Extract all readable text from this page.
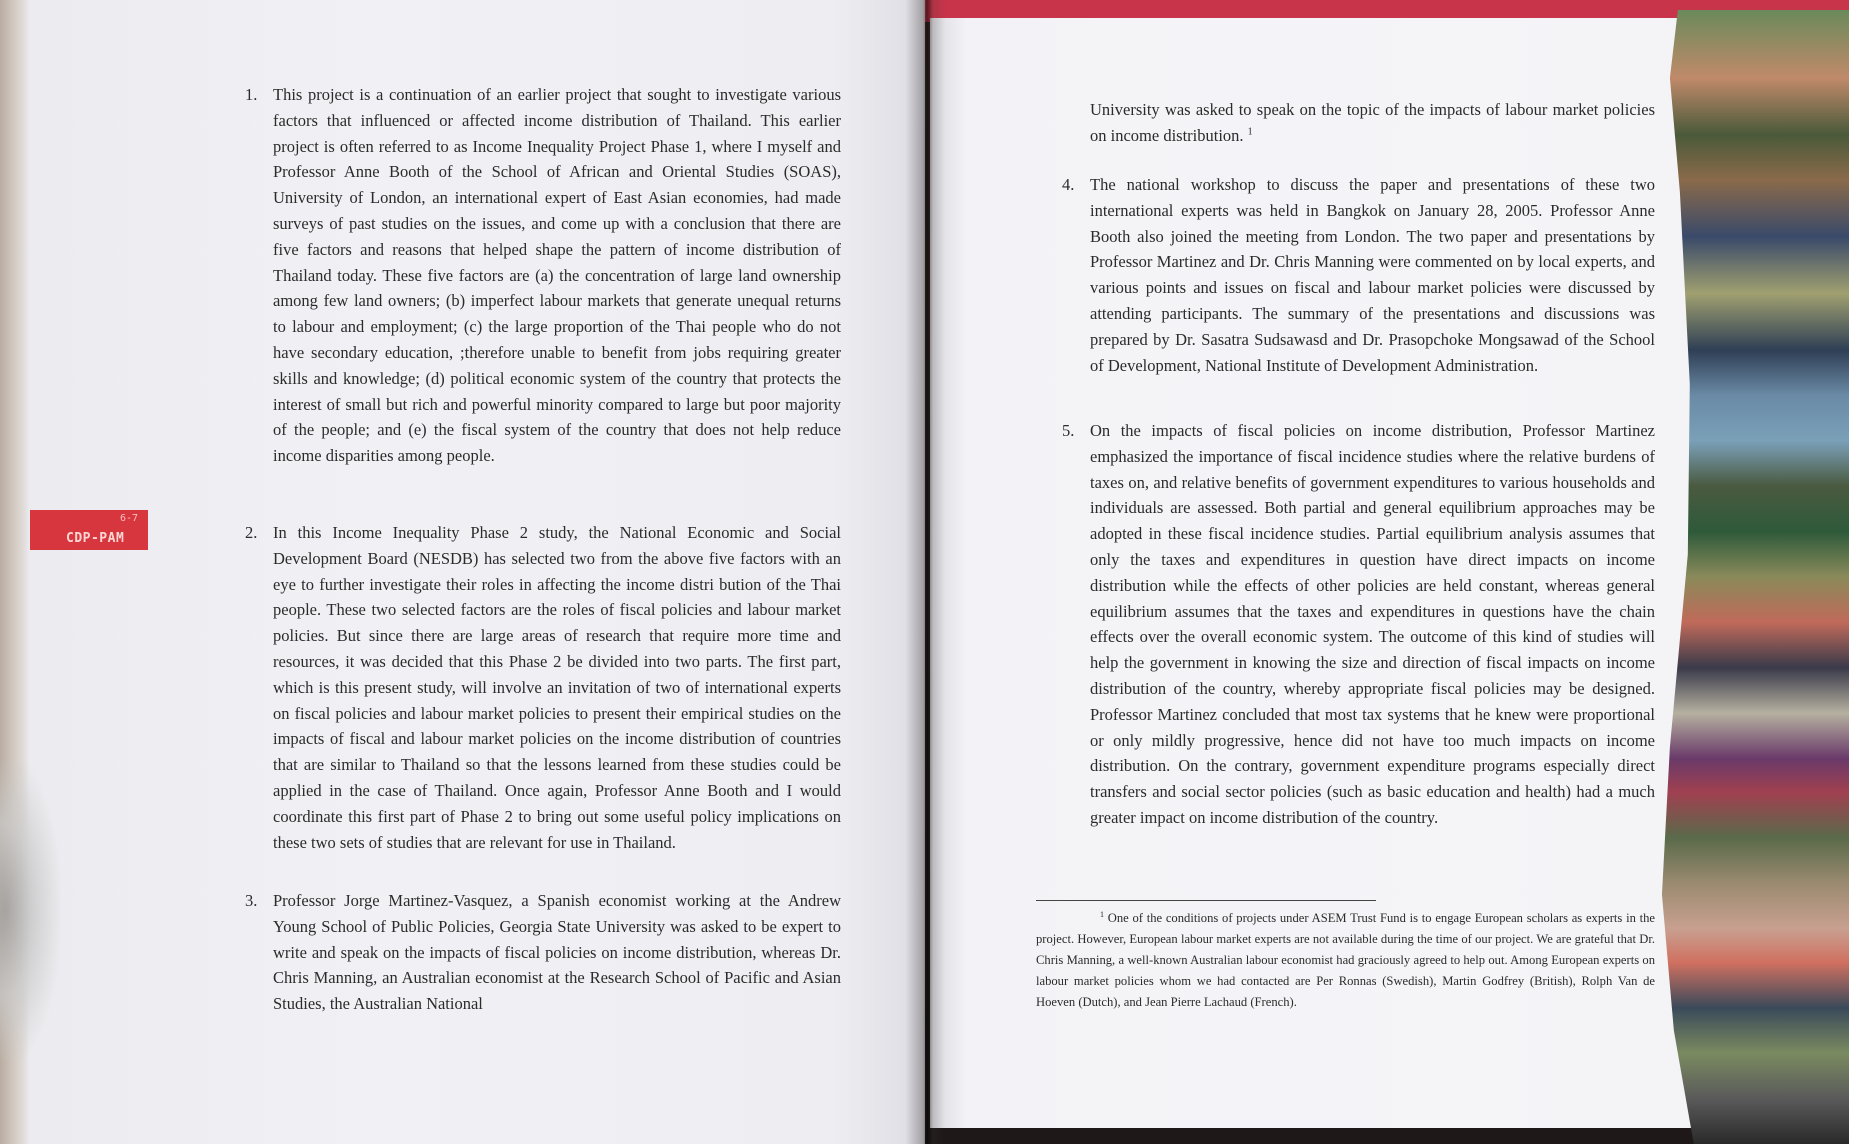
6-7
CDP-PAM

1. This project is a continuation of an earlier project that sought to investigate various factors that influenced or affected income distribution of Thailand. This earlier project is often referred to as Income Inequality Project Phase 1, where I myself and Professor Anne Booth of the School of African and Oriental Studies (SOAS), University of London, an international expert of East Asian economies, had made surveys of past studies on the issues, and come up with a conclusion that there are five factors and reasons that helped shape the pattern of income distribution of Thailand today. These five factors are (a) the concentration of large land ownership among few land owners; (b) imperfect labour markets that generate unequal returns to labour and employment; (c) the large proportion of the Thai people who do not have secondary education, ;therefore unable to benefit from jobs requiring greater skills and knowledge; (d) political economic system of the country that protects the interest of small but rich and powerful minority compared to large but poor majority of the people; and (e) the fiscal system of the country that does not help reduce income disparities among people.

2. In this Income Inequality Phase 2 study, the National Economic and Social Development Board (NESDB) has selected two from the above five factors with an eye to further investigate their roles in affecting the income distri bution of the Thai people. These two selected factors are the roles of fiscal policies and labour market policies. But since there are large areas of research that require more time and resources, it was decided that this Phase 2 be divided into two parts. The first part, which is this present study, will involve an invitation of two of international experts on fiscal policies and labour market policies to present their empirical studies on the impacts of fiscal and labour market policies on the income distribution of countries that are similar to Thailand so that the lessons learned from these studies could be applied in the case of Thailand. Once again, Professor Anne Booth and I would coordinate this first part of Phase 2 to bring out some useful policy implications on these two sets of studies that are relevant for use in Thailand.

3. Professor Jorge Martinez-Vasquez, a Spanish economist working at the Andrew Young School of Public Policies, Georgia State University was asked to be expert to write and speak on the impacts of fiscal policies on income distribution, whereas Dr. Chris Manning, an Australian economist at the Research School of Pacific and Asian Studies, the Australian National

University was asked to speak on the topic of the impacts of labour market policies on income distribution. $^1$

4. The national workshop to discuss the paper and presentations of these two international experts was held in Bangkok on January 28, 2005. Professor Anne Booth also joined the meeting from London. The two paper and presentations by Professor Martinez and Dr. Chris Manning were commented on by local experts, and various points and issues on fiscal and labour market policies were discussed by attending participants. The summary of the presentations and discussions was prepared by Dr. Sasatra Sudsawasd and Dr. Prasopchoke Mongsawad of the School of Development, National Institute of Development Administration.

5. On the impacts of fiscal policies on income distribution, Professor Martinez emphasized the importance of fiscal incidence studies where the relative burdens of taxes on, and relative benefits of government expenditures to various households and individuals are assessed. Both partial and general equilibrium approaches may be adopted in these fiscal incidence studies. Partial equilibrium analysis assumes that only the taxes and expenditures in question have direct impacts on income distribution while the effects of other policies are held constant, whereas general equilibrium assumes that the taxes and expenditures in questions have the chain effects over the overall economic system. The outcome of this kind of studies will help the government in knowing the size and direction of fiscal impacts on income distribution of the country, whereby appropriate fiscal policies may be designed. Professor Martinez concluded that most tax systems that he knew were proportional or only mildly progressive, hence did not have too much impacts on income distribution. On the contrary, government expenditure programs especially direct transfers and social sector policies (such as basic education and health) had a much greater impact on income distribution of the country.

$^1$ One of the conditions of projects under ASEM Trust Fund is to engage European scholars as experts in the project. However, European labour market experts are not available during the time of our project. We are grateful that Dr. Chris Manning, a well-known Australian labour economist had graciously agreed to help out. Among European experts on labour market policies whom we had contacted are Per Ronnas (Swedish), Martin Godfrey (British), Rolph Van de Hoeven (Dutch), and Jean Pierre Lachaud (French).
